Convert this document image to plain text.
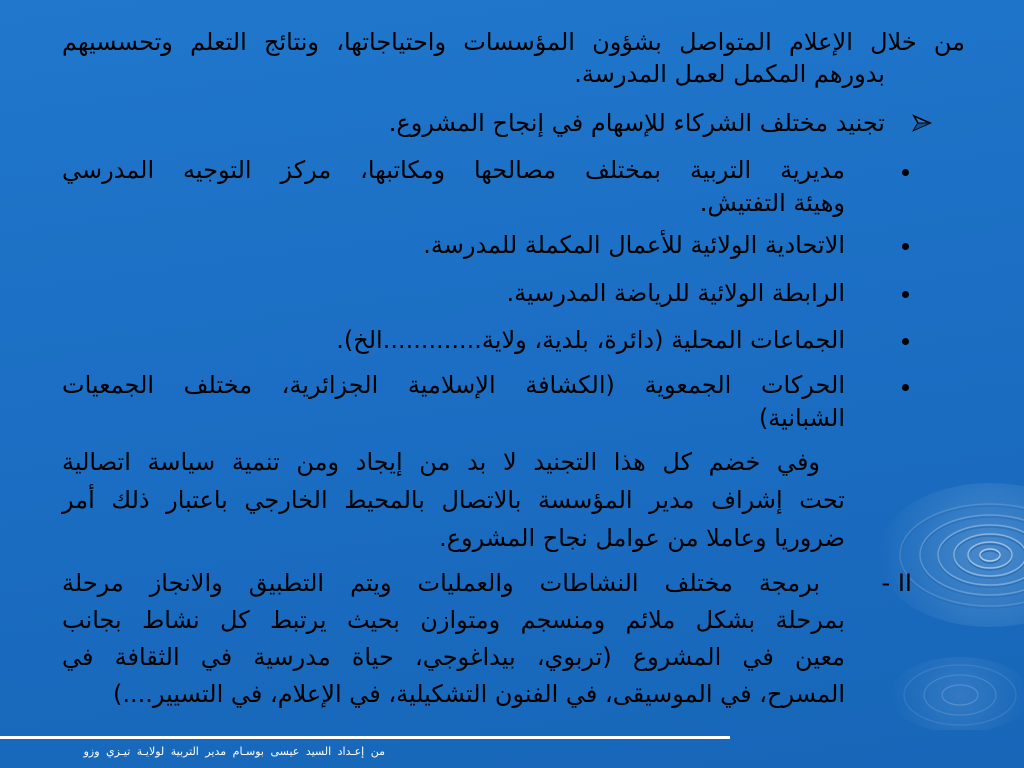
من خلال الإعلام المتواصل بشؤون المؤسسات واحتياجاتها، ونتائج التعلم وتحسسيهم
بدورهم المكمل لعمل المدرسة.
تجنيد مختلف الشركاء للإسهام في إنجاح المشروع.
مديرية التربية بمختلف مصالحها ومكاتبها، مركز التوجيه المدرسي
وهيئة التفتيش.
الاتحادية الولائية للأعمال المكملة للمدرسة.
الرابطة الولائية للرياضة المدرسية.
الجماعات المحلية (دائرة، بلدية، ولاية.............الخ).
الحركات الجمعوية (الكشافة الإسلامية الجزائرية، مختلف الجمعيات
الشبانية)
وفي خضم كل هذا التجنيد لا بد من إيجاد ومن تنمية سياسة اتصالية
تحت إشراف مدير المؤسسة بالاتصال بالمحيط الخارجي باعتبار ذلك أمر
ضروريا وعاملا من عوامل نجاح المشروع.
II -
برمجة مختلف النشاطات والعمليات ويتم التطبيق والانجاز مرحلة
بمرحلة بشكل ملائم ومنسجم ومتوازن بحيث يرتبط كل نشاط بجانب
معين في المشروع (تربوي، بيداغوجي، حياة مدرسية في الثقافة في
المسرح، في الموسيقى، في الفنون التشكيلية، في الإعلام، في التسيير....)
من إعـداد السيد عيسى بوسـام مدير التربية لولايـة تيـزي وزو
